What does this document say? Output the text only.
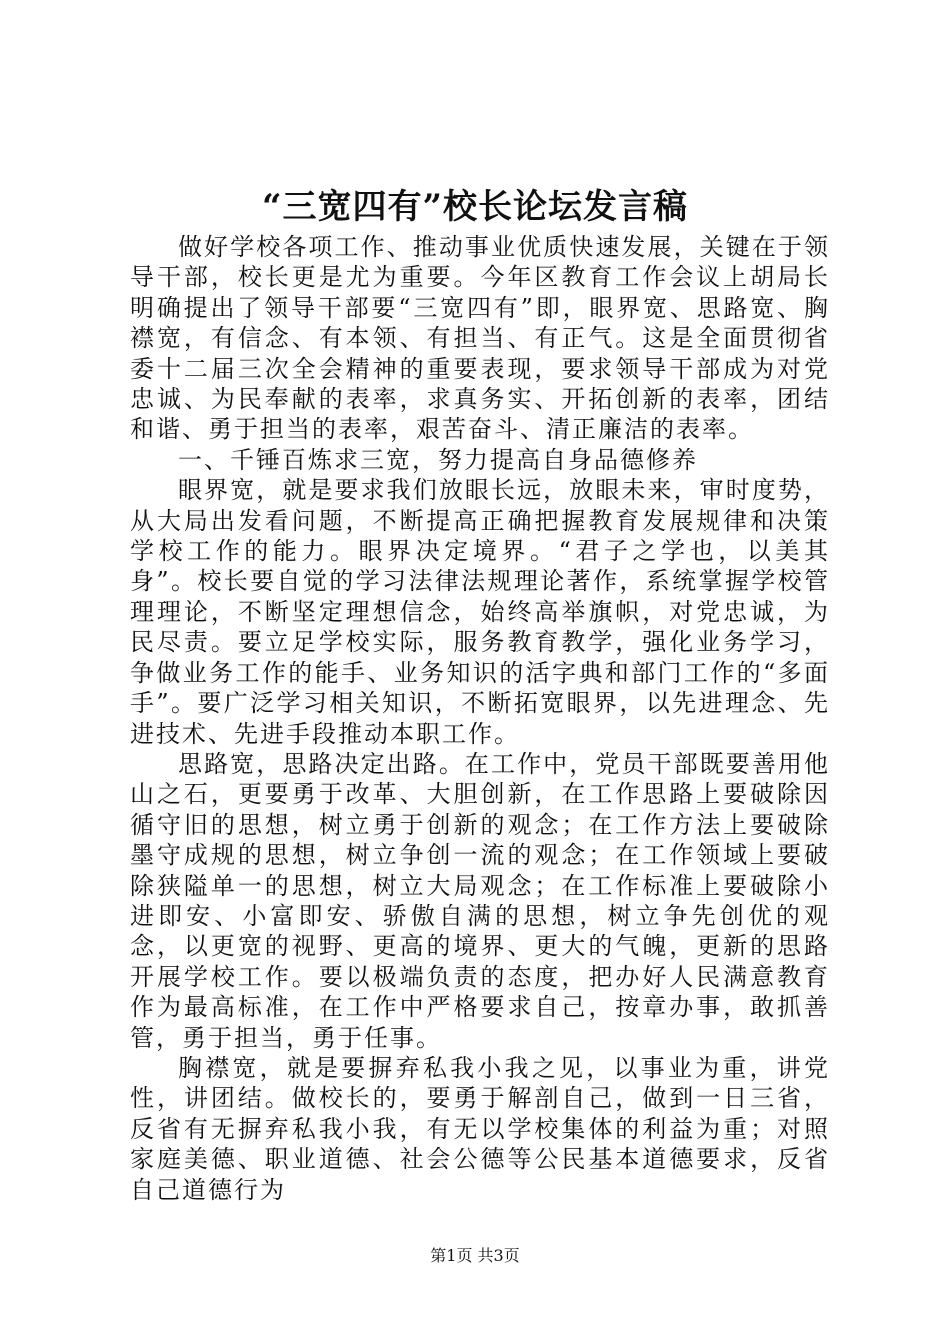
“三宽四有”校长论坛发言稿

做好学校各项工作、推动事业优质快速发展，关键在于领导干部，校长更是尤为重要。今年区教育工作会议上胡局长明确提出了领导干部要“三宽四有”即，眼界宽、思路宽、胸襟宽，有信念、有本领、有担当、有正气。这是全面贯彻省委十二届三次全会精神的重要表现，要求领导干部成为对党忠诚、为民奉献的表率，求真务实、开拓创新的表率，团结和谐、勇于担当的表率，艰苦奋斗、清正廉洁的表率。

一、千锤百炼求三宽，努力提高自身品德修养

眼界宽，就是要求我们放眼长远，放眼未来，审时度势，从大局出发看问题，不断提高正确把握教育发展规律和决策学校工作的能力。眼界决定境界。“君子之学也，以美其身”。校长要自觉的学习法律法规理论著作，系统掌握学校管理理论，不断坚定理想信念，始终高举旗帜，对党忠诚，为民尽责。要立足学校实际，服务教育教学，强化业务学习，争做业务工作的能手、业务知识的活字典和部门工作的“多面手”。要广泛学习相关知识，不断拓宽眼界，以先进理念、先进技术、先进手段推动本职工作。

思路宽，思路决定出路。在工作中，党员干部既要善用他山之石，更要勇于改革、大胆创新，在工作思路上要破除因循守旧的思想，树立勇于创新的观念；在工作方法上要破除墨守成规的思想，树立争创一流的观念；在工作领域上要破除狭隘单一的思想，树立大局观念；在工作标准上要破除小进即安、小富即安、骄傲自满的思想，树立争先创优的观念，以更宽的视野、更高的境界、更大的气魄，更新的思路开展学校工作。要以极端负责的态度，把办好人民满意教育作为最高标准，在工作中严格要求自己，按章办事，敢抓善管，勇于担当，勇于任事。

胸襟宽，就是要摒弃私我小我之见，以事业为重，讲党性，讲团结。做校长的，要勇于解剖自己，做到一日三省，反省有无摒弃私我小我，有无以学校集体的利益为重；对照家庭美德、职业道德、社会公德等公民基本道德要求，反省自己道德行为

第1页 共3页
